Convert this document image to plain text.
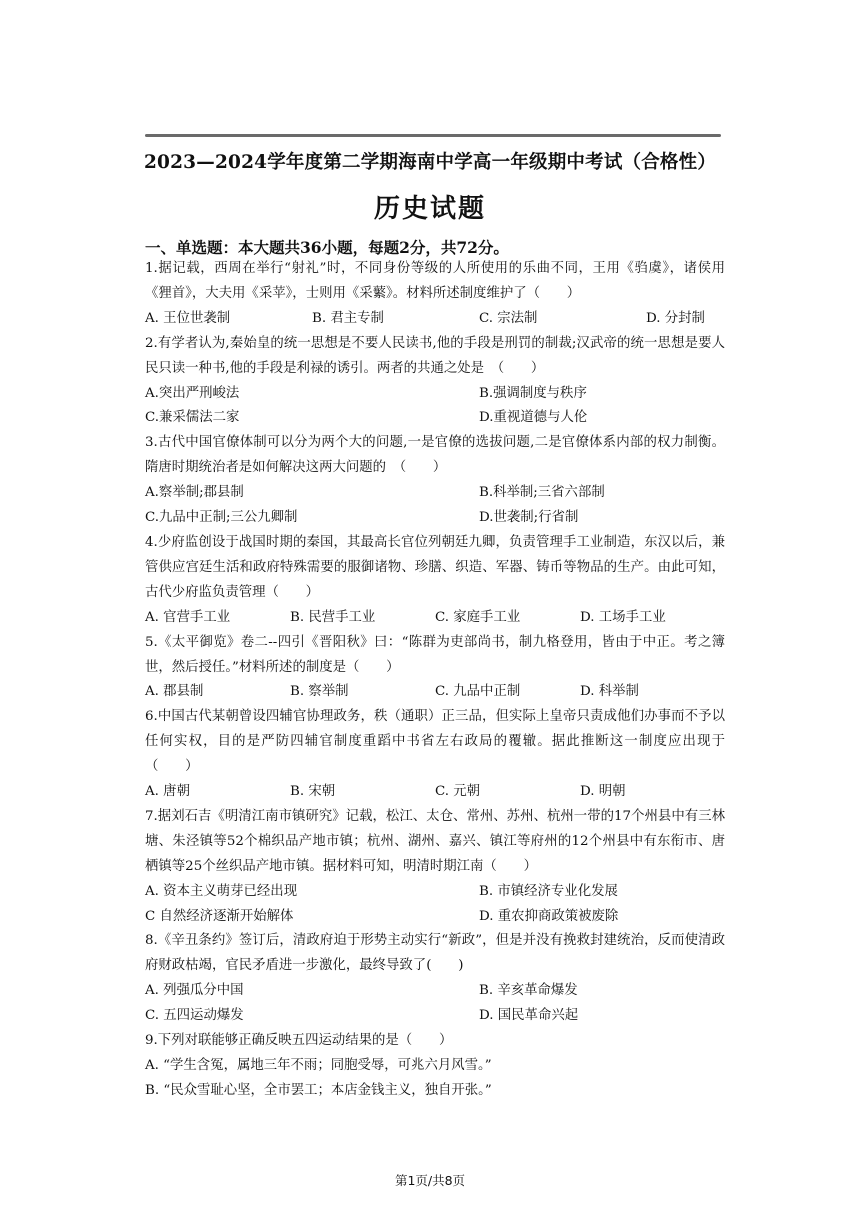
2023—2024学年度第二学期海南中学高一年级期中考试（合格性）
历史试题
一、单选题：本大题共36小题，每题2分，共72分。

1.据记载，西周在举行“射礼”时，不同身份等级的人所使用的乐曲不同，王用《驺虞》，诸侯用《狸首》，大夫用《采苹》，士则用《采蘩》。材料所述制度维护了（　　）

A. 王位世袭制	B. 君主专制	C. 宗法制	D. 分封制

2.有学者认为,秦始皇的统一思想是不要人民读书,他的手段是刑罚的制裁;汉武帝的统一思想是要人民只读一种书,他的手段是利禄的诱引。两者的共通之处是　（　　）

A.突出严刑峻法	B.强调制度与秩序
C.兼采儒法二家	D.重视道德与人伦

3.古代中国官僚体制可以分为两个大的问题,一是官僚的选拔问题,二是官僚体系内部的权力制衡。隋唐时期统治者是如何解决这两大问题的　（　　）

A.察举制;郡县制	B.科举制;三省六部制
C.九品中正制;三公九卿制	D.世袭制;行省制

4.少府监创设于战国时期的秦国，其最高长官位列朝廷九卿，负责管理手工业制造，东汉以后，兼管供应宫廷生活和政府特殊需要的服御诸物、珍膳、织造、军器、铸币等物品的生产。由此可知，古代少府监负责管理（　　）

A. 官营手工业	B. 民营手工业	C. 家庭手工业	D. 工场手工业

5.《太平御览》卷二--四引《晋阳秋》曰：“陈群为吏部尚书，制九格登用，皆由于中正。考之簿世，然后授任。”材料所述的制度是（　　）

A. 郡县制	B. 察举制	C. 九品中正制	D. 科举制

6.中国古代某朝曾设四辅官协理政务，秩（通职）正三品，但实际上皇帝只责成他们办事而不予以任何实权，目的是严防四辅官制度重蹈中书省左右政局的覆辙。据此推断这一制度应出现于（　　）

A. 唐朝	B. 宋朝	C. 元朝	D. 明朝

7.据刘石吉《明清江南市镇研究》记载，松江、太仓、常州、苏州、杭州一带的17个州县中有三林塘、朱泾镇等52个棉织品产地市镇；杭州、湖州、嘉兴、镇江等府州的12个州县中有东衔市、唐栖镇等25个丝织品产地市镇。据材料可知，明清时期江南（　　）

A. 资本主义萌芽已经出现	B. 市镇经济专业化发展
C 自然经济逐渐开始解体	D. 重农抑商政策被废除

8.《辛丑条约》签订后，清政府迫于形势主动实行“新政”，但是并没有挽救封建统治，反而使清政府财政枯竭，官民矛盾进一步激化，最终导致了(　　)

A. 列强瓜分中国	B. 辛亥革命爆发
C. 五四运动爆发	D. 国民革命兴起

9.下列对联能够正确反映五四运动结果的是（　　）

A. “学生含冤，属地三年不雨；同胞受辱，可兆六月风雪。”
B. “民众雪耻心坚，全市罢工；本店金钱主义，独自开张。”
第1页/共8页
